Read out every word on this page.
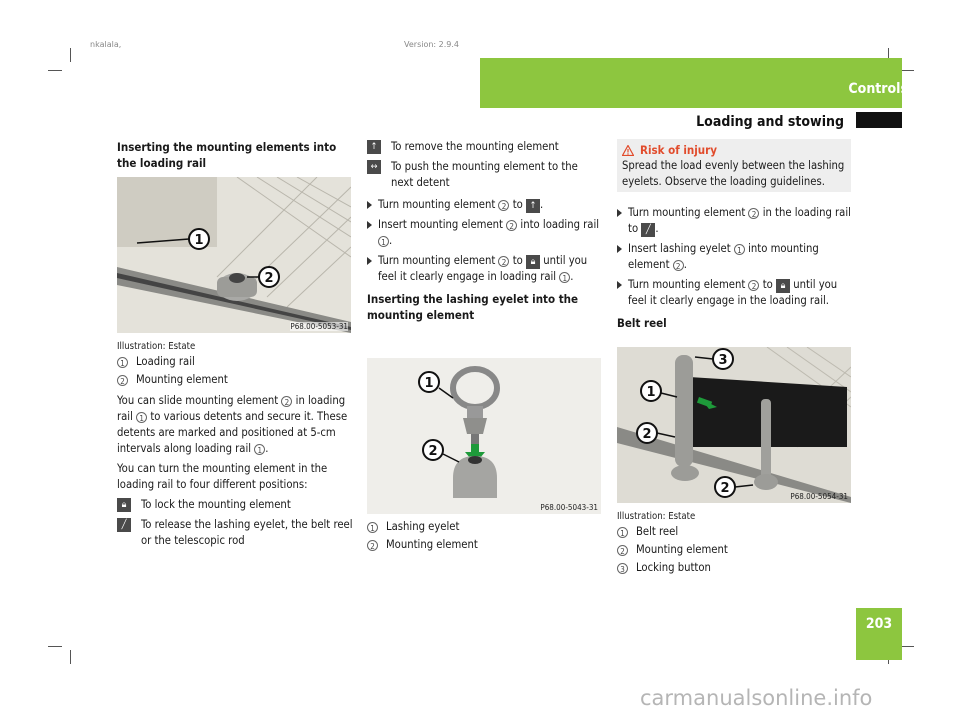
nkalala,	Version: 2.9.4
Controls
Loading and stowing

Inserting the mounting elements into the loading rail

1
2
P68.00-5053-31

Illustration: Estate

1 Loading rail
2 Mounting element

You can slide mounting element 2 in loading rail 1 to various detents and secure it. These detents are marked and positioned at 5-cm intervals along loading rail 1 .

You can turn the mounting element in the loading rail to four different positions:

🔒︎	To lock the mounting element
╱	To release the lashing eyelet, the belt reel or the telescopic rod
↑	To remove the mounting element
↔	To push the mounting element to the next detent
Turn mounting element 2 to ↑ .
Insert mounting element 2 into loading rail 1 .
Turn mounting element 2 to 🔒︎ until you feel it clearly engage in loading rail 1 .

Inserting the lashing eyelet into the mounting element

1
2
P68.00-5043-31
1 Lashing eyelet
2 Mounting element
Risk of injury

Spread the load evenly between the lashing eyelets. Observe the loading guidelines.

Turn mounting element 2 in the loading rail to ╱ .
Insert lashing eyelet 1 into mounting element 2 .
Turn mounting element 2 to 🔒︎ until you feel it clearly engage in the loading rail.

Belt reel

1
2
3
2
P68.00-5054-31

Illustration: Estate

1 Belt reel
2 Mounting element
3 Locking button
203
carmanualsonline.info
